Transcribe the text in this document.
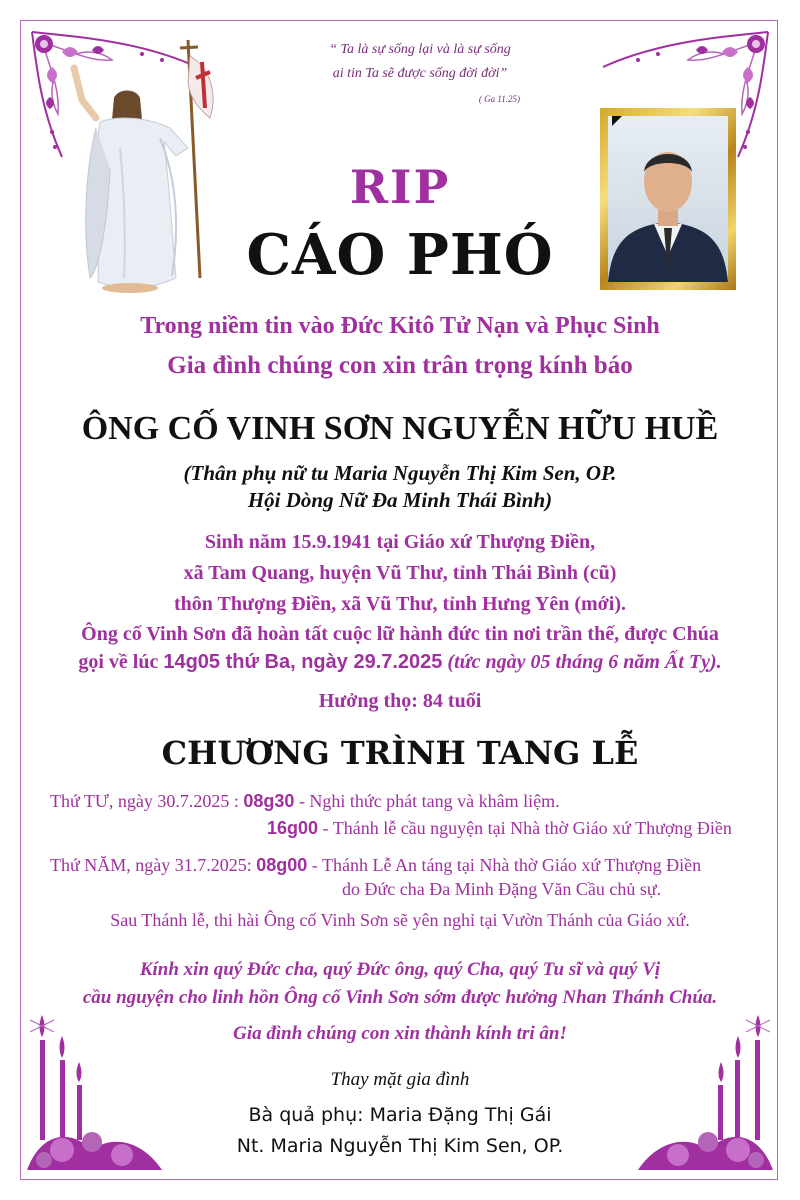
“ Ta là sự sống lại và là sự sống
ai tin Ta sẽ được sống đời đời”
( Ga 11.25)
RIP
CÁO PHÓ
Trong niềm tin vào Đức Kitô Tử Nạn và Phục Sinh
Gia đình chúng con xin trân trọng kính báo
ÔNG CỐ VINH SƠN NGUYỄN HỮU HUỀ
(Thân phụ nữ tu Maria Nguyễn Thị Kim Sen, OP.
Hội Dòng Nữ Đa Minh Thái Bình)
Sinh năm 15.9.1941 tại Giáo xứ Thượng Điền,
xã Tam Quang, huyện Vũ Thư, tỉnh Thái Bình (cũ)
thôn Thượng Điền, xã Vũ Thư, tỉnh Hưng Yên (mới).
Ông cố Vinh Sơn đã hoàn tất cuộc lữ hành đức tin nơi trần thế, được Chúa
gọi về lúc 14g05 thứ Ba, ngày 29.7.2025 (tức ngày 05 tháng 6 năm Ất Tỵ).
Hưởng thọ: 84 tuổi
CHƯƠNG TRÌNH TANG LỄ
Thứ TƯ, ngày 30.7.2025 : 08g30 - Nghi thức phát tang và khâm liệm.
16g00 - Thánh lễ cầu nguyện tại Nhà thờ Giáo xứ Thượng Điền
Thứ NĂM, ngày 31.7.2025: 08g00 - Thánh Lễ An táng tại Nhà thờ Giáo xứ Thượng Điền
do Đức cha Đa Minh Đặng Văn Cầu chủ sự.
Sau Thánh lễ, thi hài Ông cố Vinh Sơn sẽ yên nghỉ tại Vườn Thánh của Giáo xứ.
Kính xin quý Đức cha, quý Đức ông, quý Cha, quý Tu sĩ và quý Vị
cầu nguyện cho linh hồn Ông cố Vinh Sơn sớm được hưởng Nhan Thánh Chúa.
Gia đình chúng con xin thành kính tri ân!
Thay mặt gia đình
Bà quả phụ: Maria Đặng Thị Gái
Nt. Maria Nguyễn Thị Kim Sen, OP.
